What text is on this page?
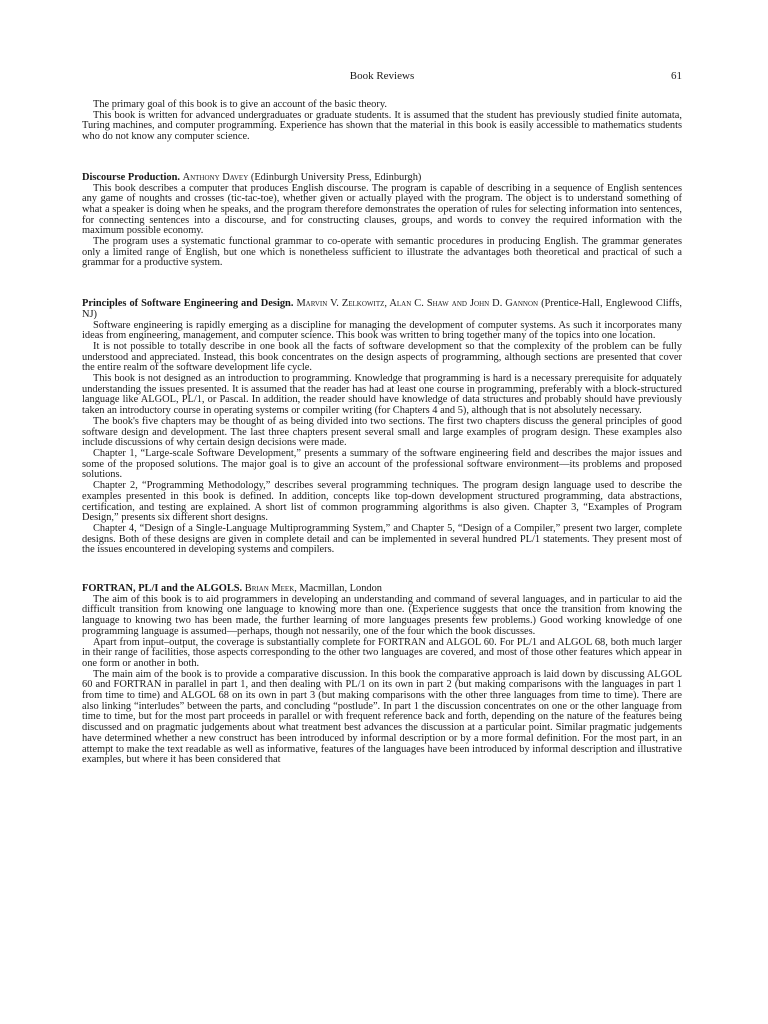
Book Reviews	61

The primary goal of this book is to give an account of the basic theory.

This book is written for advanced undergraduates or graduate students. It is assumed that the student has previously studied finite automata, Turing machines, and computer programming. Experience has shown that the material in this book is easily accessible to mathematics students who do not know any computer science.

Discourse Production. Anthony Davey (Edinburgh University Press, Edinburgh)

This book describes a computer that produces English discourse. The program is capable of describing in a sequence of English sentences any game of noughts and crosses (tic-tac-toe), whether given or actually played with the program. The object is to understand something of what a speaker is doing when he speaks, and the program therefore demonstrates the operation of rules for selecting information into sentences, for connecting sentences into a discourse, and for constructing clauses, groups, and words to convey the required information with the maximum possible economy.

The program uses a systematic functional grammar to co-operate with semantic procedures in producing English. The grammar generates only a limited range of English, but one which is nonetheless sufficient to illustrate the advantages both theoretical and practical of such a grammar for a productive system.

Principles of Software Engineering and Design. Marvin V. Zelkowitz, Alan C. Shaw and John D. Gannon (Prentice-Hall, Englewood Cliffs, NJ)

Software engineering is rapidly emerging as a discipline for managing the development of computer systems. As such it incorporates many ideas from engineering, management, and computer science. This book was written to bring together many of the topics into one location.

It is not possible to totally describe in one book all the facts of software development so that the complexity of the problem can be fully understood and appreciated. Instead, this book concentrates on the design aspects of programming, although sections are presented that cover the entire realm of the software development life cycle.

This book is not designed as an introduction to programming. Knowledge that programming is hard is a necessary prerequisite for adquately understanding the issues presented. It is assumed that the reader has had at least one course in programming, preferably with a block-structured language like ALGOL, PL/1, or Pascal. In addition, the reader should have knowledge of data structures and probably should have previously taken an introductory course in operating systems or compiler writing (for Chapters 4 and 5), although that is not absolutely necessary.

The book's five chapters may be thought of as being divided into two sections. The first two chapters discuss the general principles of good software design and development. The last three chapters present several small and large examples of program design. These examples also include discussions of why certain design decisions were made.

Chapter 1, “Large-scale Software Development,” presents a summary of the software engineering field and describes the major issues and some of the proposed solutions. The major goal is to give an account of the professional software environment—its problems and proposed solutions.

Chapter 2, “Programming Methodology,” describes several programming techniques. The program design language used to describe the examples presented in this book is defined. In addition, concepts like top-down development structured programming, data abstractions, certification, and testing are explained. A short list of common programming algorithms is also given. Chapter 3, “Examples of Program Design,” presents six different short designs.

Chapter 4, “Design of a Single-Language Multiprogramming System,” and Chapter 5, “Design of a Compiler,” present two larger, complete designs. Both of these designs are given in complete detail and can be implemented in several hundred PL/1 statements. They present most of the issues encountered in developing systems and compilers.

FORTRAN, PL/I and the ALGOLS. Brian Meek, Macmillan, London

The aim of this book is to aid programmers in developing an understanding and command of several languages, and in particular to aid the difficult transition from knowing one language to knowing more than one. (Experience suggests that once the transition from knowing the language to knowing two has been made, the further learning of more languages presents few problems.) Good working knowledge of one programming language is assumed—perhaps, though not nessarily, one of the four which the book discusses.

Apart from input–output, the coverage is substantially complete for FORTRAN and ALGOL 60. For PL/1 and ALGOL 68, both much larger in their range of facilities, those aspects corresponding to the other two languages are covered, and most of those other features which appear in one form or another in both.

The main aim of the book is to provide a comparative discussion. In this book the comparative approach is laid down by discussing ALGOL 60 and FORTRAN in parallel in part 1, and then dealing with PL/1 on its own in part 2 (but making comparisons with the languages in part 1 from time to time) and ALGOL 68 on its own in part 3 (but making comparisons with the other three languages from time to time). There are also linking “interludes” between the parts, and concluding “postlude”. In part 1 the discussion concentrates on one or the other language from time to time, but for the most part proceeds in parallel or with frequent reference back and forth, depending on the nature of the features being discussed and on pragmatic judgements about what treatment best advances the discussion at a particular point. Similar pragmatic judgements have determined whether a new construct has been introduced by informal description or by a more formal definition. For the most part, in an attempt to make the text readable as well as informative, features of the languages have been introduced by informal description and illustrative examples, but where it has been considered that
